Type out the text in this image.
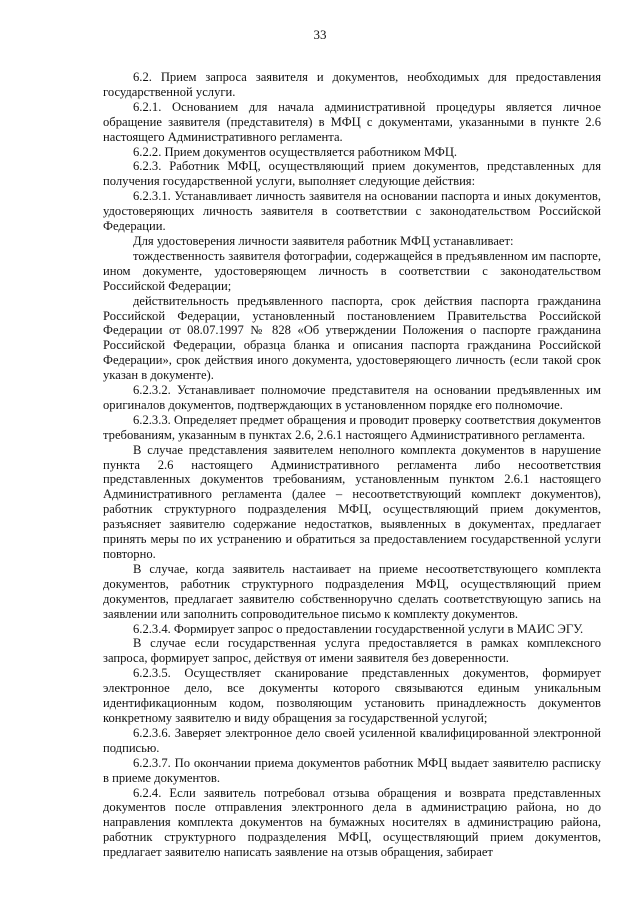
33

6.2. Прием запроса заявителя и документов, необходимых для предоставления государственной услуги.

6.2.1. Основанием для начала административной процедуры является личное обращение заявителя (представителя) в МФЦ с документами, указанными в пункте 2.6 настоящего Административного регламента.

6.2.2. Прием документов осуществляется работником МФЦ.

6.2.3. Работник МФЦ, осуществляющий прием документов, представленных для получения государственной услуги, выполняет следующие действия:

6.2.3.1. Устанавливает личность заявителя на основании паспорта и иных документов, удостоверяющих личность заявителя в соответствии с законодательством Российской Федерации.

Для удостоверения личности заявителя работник МФЦ устанавливает:

тождественность заявителя фотографии, содержащейся в предъявленном им паспорте, ином документе, удостоверяющем личность в соответствии с законодательством Российской Федерации;

действительность предъявленного паспорта, срок действия паспорта гражданина Российской Федерации, установленный постановлением Правительства Российской Федерации от 08.07.1997 № 828 «Об утверждении Положения о паспорте гражданина Российской Федерации, образца бланка и описания паспорта гражданина Российской Федерации», срок действия иного документа, удостоверяющего личность (если такой срок указан в документе).

6.2.3.2. Устанавливает полномочие представителя на основании предъявленных им оригиналов документов, подтверждающих в установленном порядке его полномочие.

6.2.3.3. Определяет предмет обращения и проводит проверку соответствия документов требованиям, указанным в пунктах 2.6, 2.6.1 настоящего Административного регламента.

В случае представления заявителем неполного комплекта документов в нарушение пункта 2.6 настоящего Административного регламента либо несоответствия представленных документов требованиям, установленным пунктом 2.6.1 настоящего Административного регламента (далее – несоответствующий комплект документов), работник структурного подразделения МФЦ, осуществляющий прием документов, разъясняет заявителю содержание недостатков, выявленных в документах, предлагает принять меры по их устранению и обратиться за предоставлением государственной услуги повторно.

В случае, когда заявитель настаивает на приеме несоответствующего комплекта документов, работник структурного подразделения МФЦ, осуществляющий прием документов, предлагает заявителю собственноручно сделать соответствующую запись на заявлении или заполнить сопроводительное письмо к комплекту документов.

6.2.3.4. Формирует запрос о предоставлении государственной услуги в МАИС ЭГУ.

В случае если государственная услуга предоставляется в рамках комплексного запроса, формирует запрос, действуя от имени заявителя без доверенности.

6.2.3.5. Осуществляет сканирование представленных документов, формирует электронное дело, все документы которого связываются единым уникальным идентификационным кодом, позволяющим установить принадлежность документов конкретному заявителю и виду обращения за государственной услугой;

6.2.3.6. Заверяет электронное дело своей усиленной квалифицированной электронной подписью.

6.2.3.7. По окончании приема документов работник МФЦ выдает заявителю расписку в приеме документов.

6.2.4. Если заявитель потребовал отзыва обращения и возврата представленных документов после отправления электронного дела в администрацию района, но до направления комплекта документов на бумажных носителях в администрацию района, работник структурного подразделения МФЦ, осуществляющий прием документов, предлагает заявителю написать заявление на отзыв обращения, забирает
